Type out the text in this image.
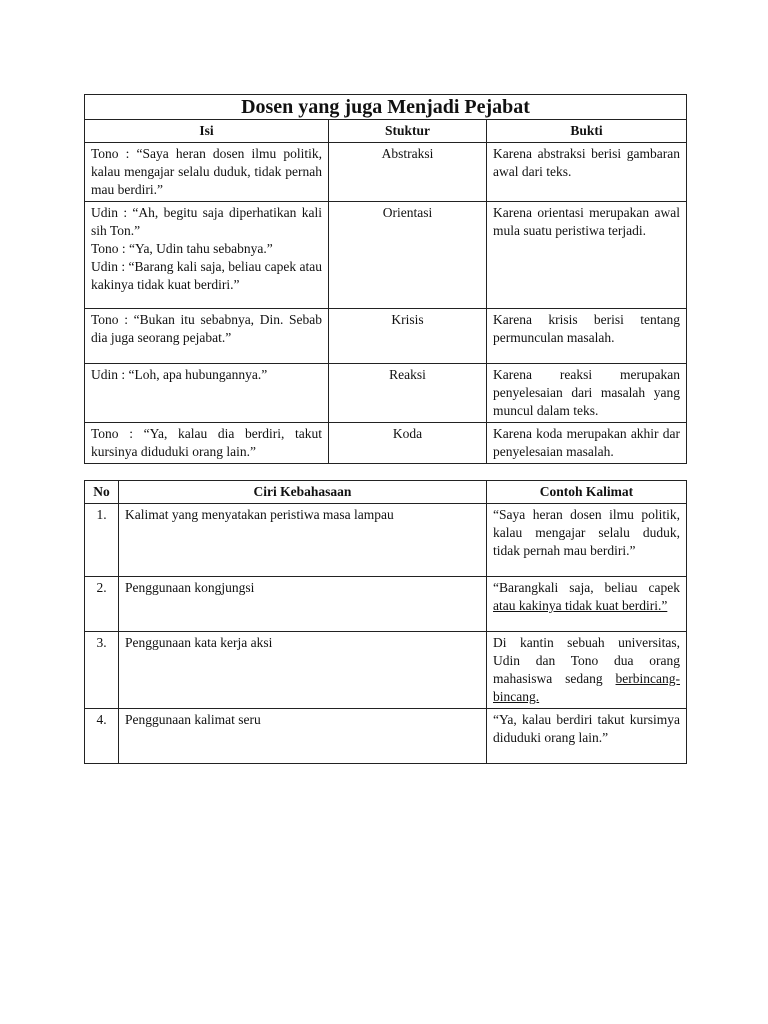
Dosen yang juga Menjadi Pejabat		
Isi	Stuktur	Bukti
Tono : “Saya heran dosen ilmu politik, kalau mengajar selalu duduk, tidak pernah mau berdiri.”	Abstraksi	Karena abstraksi berisi gambaran awal dari teks.

Udin : “Ah, begitu saja diperhatikan kali sih Ton.”
Tono : “Ya, Udin tahu sebabnya.”
Udin : “Barang kali saja, beliau capek atau kakinya tidak kuat berdiri.”	Orientasi	Karena orientasi merupakan awal mula suatu peristiwa terjadi.
Tono : “Bukan itu sebabnya, Din. Sebab dia juga seorang pejabat.”	Krisis	Karena krisis berisi tentang permunculan masalah.
Udin : “Loh, apa hubungannya.”	Reaksi	Karena reaksi merupakan penyelesaian dari masalah yang muncul dalam teks.
Tono : “Ya, kalau dia berdiri, takut kursinya diduduki orang lain.”	Koda	Karena koda merupakan akhir dar penyelesaian masalah.
No	Ciri Kebahasaan	Contoh Kalimat
1.	Kalimat yang menyatakan peristiwa masa lampau	“Saya heran dosen ilmu politik, kalau mengajar selalu duduk, tidak pernah mau berdiri.”
2.	Penggunaan kongjungsi	“Barangkali saja, beliau capek atau kakinya tidak kuat berdiri.”
3.	Penggunaan kata kerja aksi	Di kantin sebuah universitas, Udin dan Tono dua orang mahasiswa sedang berbincang-bincang.
4.	Penggunaan kalimat seru	“Ya, kalau berdiri takut kursimya diduduki orang lain.”
